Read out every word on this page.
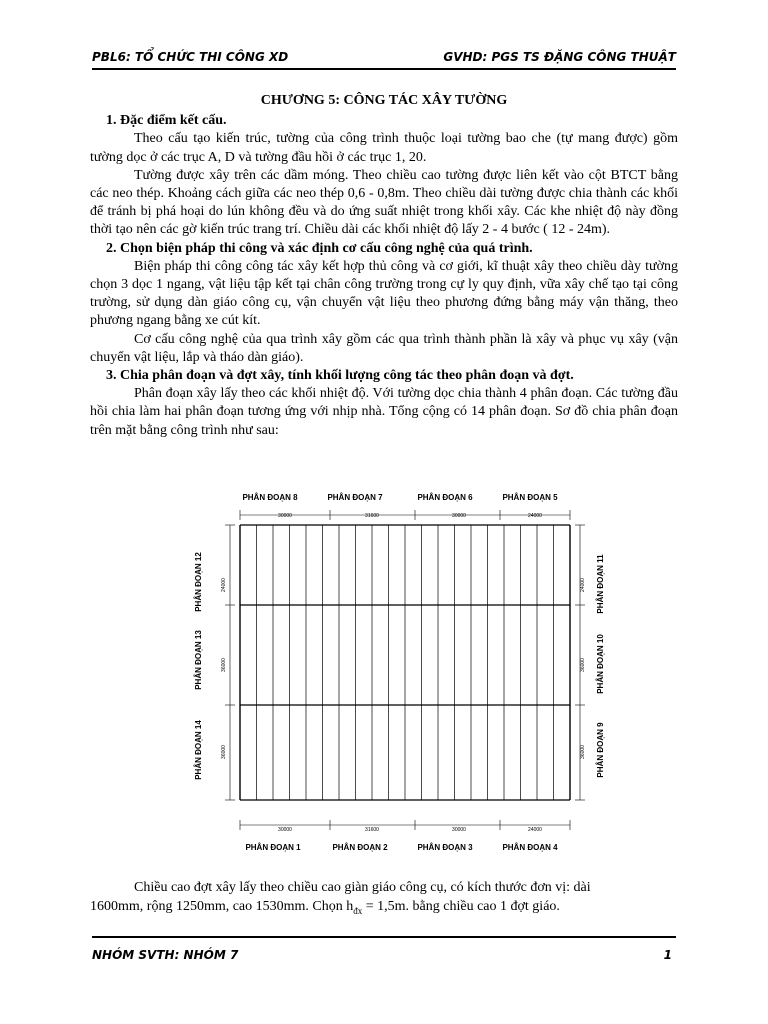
PBL6: TỔ CHỨC THI CÔNG XD	GVHD: PGS TS ĐẶNG CÔNG THUẬT
CHƯƠNG 5: CÔNG TÁC XÂY TƯỜNG
1. Đặc điểm kết cấu.

Theo cấu tạo kiến trúc, tường của công trình thuộc loại tường bao che (tự mang được) gồm tường dọc ở các trục A, D và tường đầu hồi ở các trục 1, 20.

Tường được xây trên các dầm móng. Theo chiều cao tường được liên kết vào cột BTCT bằng các neo thép. Khoảng cách giữa các neo thép 0,6 - 0,8m. Theo chiều dài tường được chia thành các khối để tránh bị phá hoại do lún không đều và do ứng suất nhiệt trong khối xây. Các khe nhiệt độ này đồng thời tạo nên các gờ kiến trúc trang trí. Chiều dài các khối nhiệt độ lấy 2 - 4 bước ( 12 - 24m).

2. Chọn biện pháp thi công và xác định cơ cấu công nghệ của quá trình.

Biện pháp thi công công tác xây kết hợp thủ công và cơ giới, kĩ thuật xây theo chiều dày tường chọn 3 dọc 1 ngang, vật liệu tập kết tại chân công trường trong cự ly quy định, vữa xây chế tạo tại công trường, sử dụng dàn giáo công cụ, vận chuyển vật liệu theo phương đứng bằng máy vận thăng, theo phương ngang bằng xe cút kít.

Cơ cấu công nghệ của qua trình xây gồm các qua trình thành phần là xây và phục vụ xây (vận chuyển vật liệu, lắp và tháo dàn giáo).

3. Chia phân đoạn và đợt xây, tính khối lượng công tác theo phân đoạn và đợt.

Phân đoạn xây lấy theo các khối nhiệt độ. Với tường dọc chia thành 4 phân đoạn. Các tường đầu hồi chia làm hai phân đoạn tương ứng với nhịp nhà. Tổng cộng có 14 phân đoạn. Sơ đồ chia phân đoạn trên mặt bằng công trình như sau:

PHÂN ĐOẠN 8	PHÂN ĐOẠN 7	PHÂN ĐOẠN 6	PHÂN ĐOẠN 5
30000	31600	30000	24000
30000	31600	30000	24000
PHÂN ĐOẠN 1	PHÂN ĐOẠN 2	PHÂN ĐOẠN 3	PHÂN ĐOẠN 4
PHÂN ĐOẠN 12
PHÂN ĐOẠN 13
PHÂN ĐOẠN 14
PHÂN ĐOẠN 11
PHÂN ĐOẠN 10
PHÂN ĐOẠN 9
24000
36000
36000
24000
36000
36000
Chiều cao đợt xây lấy theo chiều cao giàn giáo công cụ, có kích thước đơn vị: dài
1600mm, rộng 1250mm, cao 1530mm. Chọn $h_{đx} = 1,5m$. bằng chiều cao 1 đợt giáo.
NHÓM SVTH: NHÓM 7	1
